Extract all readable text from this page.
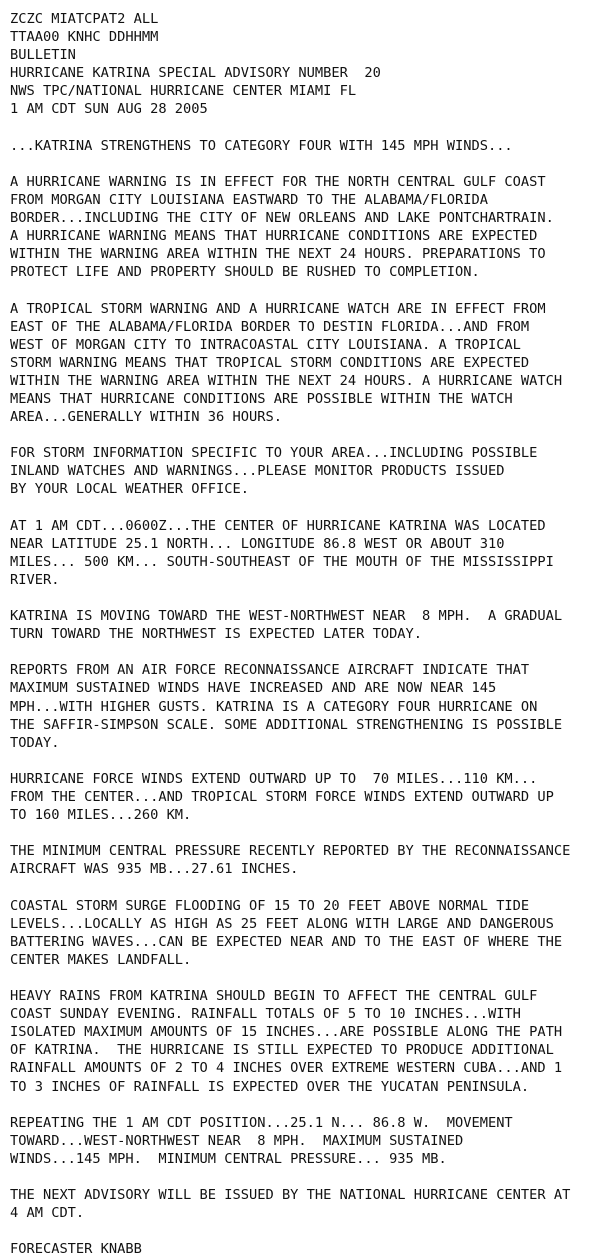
ZCZC MIATCPAT2 ALL
TTAA00 KNHC DDHHMM
BULLETIN
HURRICANE KATRINA SPECIAL ADVISORY NUMBER  20
NWS TPC/NATIONAL HURRICANE CENTER MIAMI FL
1 AM CDT SUN AUG 28 2005
...KATRINA STRENGTHENS TO CATEGORY FOUR WITH 145 MPH WINDS...
A HURRICANE WARNING IS IN EFFECT FOR THE NORTH CENTRAL GULF COAST
FROM MORGAN CITY LOUISIANA EASTWARD TO THE ALABAMA/FLORIDA
BORDER...INCLUDING THE CITY OF NEW ORLEANS AND LAKE PONTCHARTRAIN.
A HURRICANE WARNING MEANS THAT HURRICANE CONDITIONS ARE EXPECTED
WITHIN THE WARNING AREA WITHIN THE NEXT 24 HOURS. PREPARATIONS TO
PROTECT LIFE AND PROPERTY SHOULD BE RUSHED TO COMPLETION.
A TROPICAL STORM WARNING AND A HURRICANE WATCH ARE IN EFFECT FROM
EAST OF THE ALABAMA/FLORIDA BORDER TO DESTIN FLORIDA...AND FROM
WEST OF MORGAN CITY TO INTRACOASTAL CITY LOUISIANA. A TROPICAL
STORM WARNING MEANS THAT TROPICAL STORM CONDITIONS ARE EXPECTED
WITHIN THE WARNING AREA WITHIN THE NEXT 24 HOURS. A HURRICANE WATCH
MEANS THAT HURRICANE CONDITIONS ARE POSSIBLE WITHIN THE WATCH
AREA...GENERALLY WITHIN 36 HOURS.
FOR STORM INFORMATION SPECIFIC TO YOUR AREA...INCLUDING POSSIBLE
INLAND WATCHES AND WARNINGS...PLEASE MONITOR PRODUCTS ISSUED
BY YOUR LOCAL WEATHER OFFICE.
AT 1 AM CDT...0600Z...THE CENTER OF HURRICANE KATRINA WAS LOCATED
NEAR LATITUDE 25.1 NORTH... LONGITUDE 86.8 WEST OR ABOUT 310
MILES... 500 KM... SOUTH-SOUTHEAST OF THE MOUTH OF THE MISSISSIPPI
RIVER.
KATRINA IS MOVING TOWARD THE WEST-NORTHWEST NEAR  8 MPH.  A GRADUAL
TURN TOWARD THE NORTHWEST IS EXPECTED LATER TODAY.
REPORTS FROM AN AIR FORCE RECONNAISSANCE AIRCRAFT INDICATE THAT
MAXIMUM SUSTAINED WINDS HAVE INCREASED AND ARE NOW NEAR 145
MPH...WITH HIGHER GUSTS. KATRINA IS A CATEGORY FOUR HURRICANE ON
THE SAFFIR-SIMPSON SCALE. SOME ADDITIONAL STRENGTHENING IS POSSIBLE
TODAY.
HURRICANE FORCE WINDS EXTEND OUTWARD UP TO  70 MILES...110 KM...
FROM THE CENTER...AND TROPICAL STORM FORCE WINDS EXTEND OUTWARD UP
TO 160 MILES...260 KM.
THE MINIMUM CENTRAL PRESSURE RECENTLY REPORTED BY THE RECONNAISSANCE
AIRCRAFT WAS 935 MB...27.61 INCHES.
COASTAL STORM SURGE FLOODING OF 15 TO 20 FEET ABOVE NORMAL TIDE
LEVELS...LOCALLY AS HIGH AS 25 FEET ALONG WITH LARGE AND DANGEROUS
BATTERING WAVES...CAN BE EXPECTED NEAR AND TO THE EAST OF WHERE THE
CENTER MAKES LANDFALL.
HEAVY RAINS FROM KATRINA SHOULD BEGIN TO AFFECT THE CENTRAL GULF
COAST SUNDAY EVENING. RAINFALL TOTALS OF 5 TO 10 INCHES...WITH
ISOLATED MAXIMUM AMOUNTS OF 15 INCHES...ARE POSSIBLE ALONG THE PATH
OF KATRINA.  THE HURRICANE IS STILL EXPECTED TO PRODUCE ADDITIONAL
RAINFALL AMOUNTS OF 2 TO 4 INCHES OVER EXTREME WESTERN CUBA...AND 1
TO 3 INCHES OF RAINFALL IS EXPECTED OVER THE YUCATAN PENINSULA.
REPEATING THE 1 AM CDT POSITION...25.1 N... 86.8 W.  MOVEMENT
TOWARD...WEST-NORTHWEST NEAR  8 MPH.  MAXIMUM SUSTAINED
WINDS...145 MPH.  MINIMUM CENTRAL PRESSURE... 935 MB.
THE NEXT ADVISORY WILL BE ISSUED BY THE NATIONAL HURRICANE CENTER AT
4 AM CDT.
FORECASTER KNABB
